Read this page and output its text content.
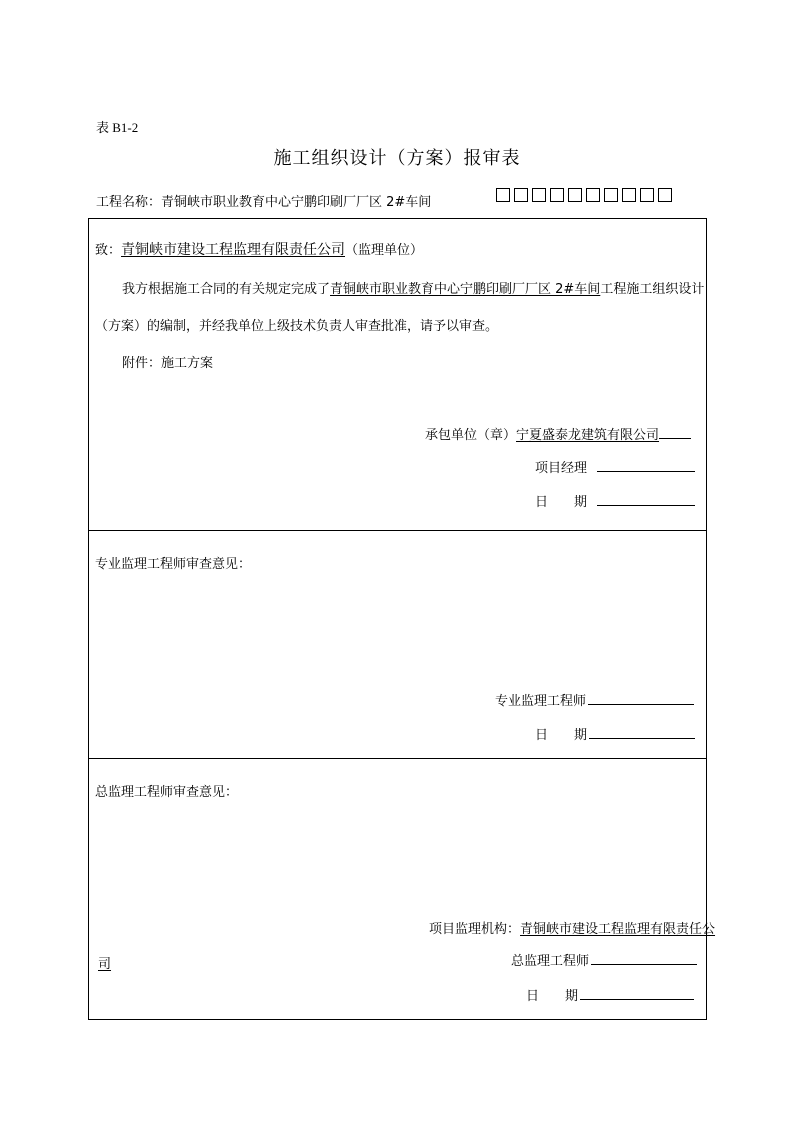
表 B1-2
施工组织设计（方案）报审表
工程名称：青铜峡市职业教育中心宁鹏印刷厂厂区 2#车间
致：青铜峡市建设工程监理有限责任公司（监理单位）
我方根据施工合同的有关规定完成了青铜峡市职业教育中心宁鹏印刷厂厂区 2#车间工程施工组织设计
（方案）的编制，并经我单位上级技术负责人审查批准，请予以审查。
附件：施工方案
承包单位（章）宁夏盛泰龙建筑有限公司
项目经理
日　　期
专业监理工程师审查意见：
专业监理工程师
日　　期
总监理工程师审查意见：
项目监理机构：青铜峡市建设工程监理有限责任公
司	总监理工程师
日　　期
